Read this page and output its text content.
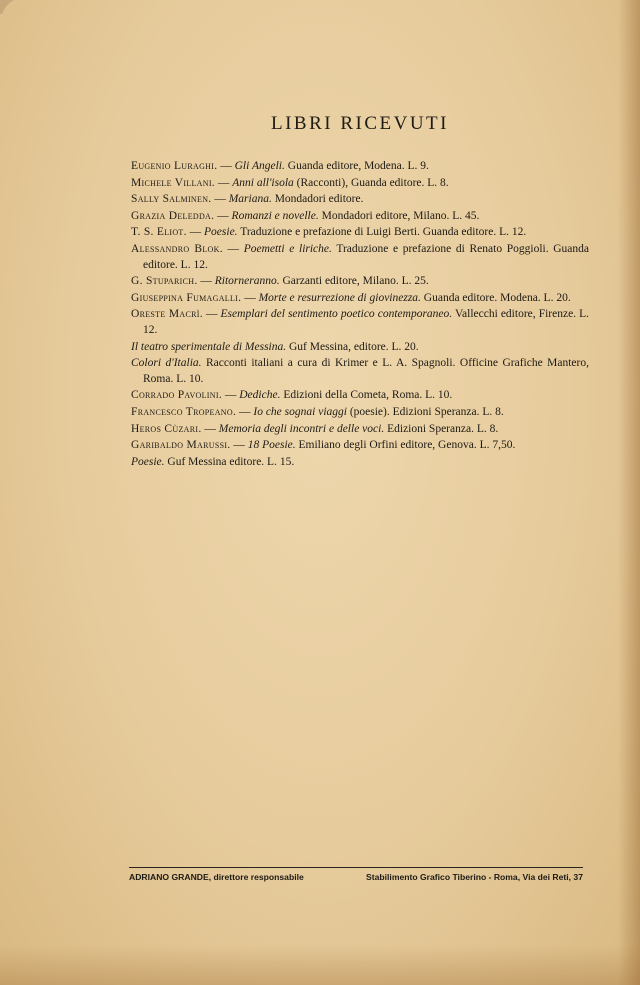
LIBRI RICEVUTI

Eugenio Luraghi. — Gli Angeli. Guanda editore, Modena. L. 9.

Michele Villani. — Anni all'isola (Racconti), Guanda editore. L. 8.

Sally Salminen. — Mariana. Mondadori editore.

Grazia Deledda. — Romanzi e novelle. Mondadori editore, Milano. L. 45.

T. S. Eliot. — Poesie. Traduzione e prefazione di Luigi Berti. Guanda editore. L. 12.

Alessandro Blok. — Poemetti e liriche. Traduzione e prefazione di Renato Poggioli. Guanda editore. L. 12.

G. Stuparich. — Ritorneranno. Garzanti editore, Milano. L. 25.

Giuseppina Fumagalli. — Morte e resurrezione di giovinezza. Guanda editore. Modena. L. 20.

Oreste Macrì. — Esemplari del sentimento poetico contemporaneo. Vallecchi editore, Firenze. L. 12.

Il teatro sperimentale di Messina. Guf Messina, editore. L. 20.

Colori d'Italia. Racconti italiani a cura di Krimer e L. A. Spagnoli. Officine Grafiche Mantero, Roma. L. 10.

Corrado Pavolini. — Dediche. Edizioni della Cometa, Roma. L. 10.

Francesco Tropeano. — Io che sognai viaggi (poesie). Edizioni Speranza. L. 8.

Heros Cùzari. — Memoria degli incontri e delle voci. Edizioni Speranza. L. 8.

Garibaldo Marussi. — 18 Poesie. Emiliano degli Orfini editore, Genova. L. 7,50.

Poesie. Guf Messina editore. L. 15.

ADRIANO GRANDE, direttore responsabile	Stabilimento Grafico Tiberino - Roma, Via dei Reti, 37
